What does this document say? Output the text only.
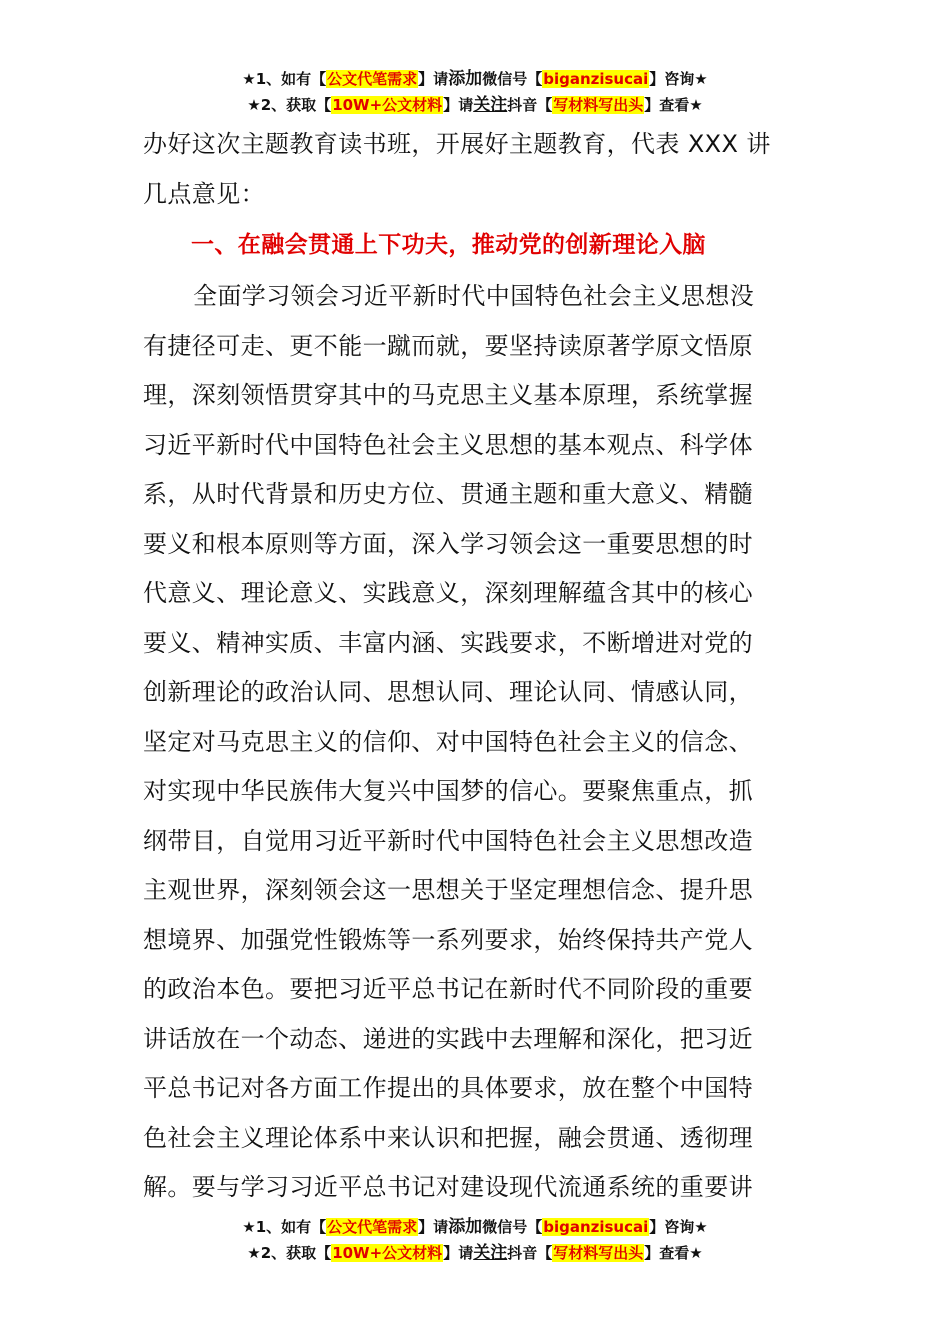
★1、如有【公文代笔需求】请添加微信号【biganzisucai】咨询★
★2、获取【10W+公文材料】请关注抖音【写材料写出头】查看★
办好这次主题教育读书班，开展好主题教育，代表 XXX 讲
几点意见：
一、在融会贯通上下功夫，推动党的创新理论入脑
全面学习领会习近平新时代中国特色社会主义思想没
有捷径可走、更不能一蹴而就，要坚持读原著学原文悟原
理，深刻领悟贯穿其中的马克思主义基本原理，系统掌握
习近平新时代中国特色社会主义思想的基本观点、科学体
系，从时代背景和历史方位、贯通主题和重大意义、精髓
要义和根本原则等方面，深入学习领会这一重要思想的时
代意义、理论意义、实践意义，深刻理解蕴含其中的核心
要义、精神实质、丰富内涵、实践要求，不断增进对党的
创新理论的政治认同、思想认同、理论认同、情感认同，
坚定对马克思主义的信仰、对中国特色社会主义的信念、
对实现中华民族伟大复兴中国梦的信心。要聚焦重点，抓
纲带目，自觉用习近平新时代中国特色社会主义思想改造
主观世界，深刻领会这一思想关于坚定理想信念、提升思
想境界、加强党性锻炼等一系列要求，始终保持共产党人
的政治本色。要把习近平总书记在新时代不同阶段的重要
讲话放在一个动态、递进的实践中去理解和深化，把习近
平总书记对各方面工作提出的具体要求，放在整个中国特
色社会主义理论体系中来认识和把握，融会贯通、透彻理
解。要与学习习近平总书记对建设现代流通系统的重要讲
★1、如有【公文代笔需求】请添加微信号【biganzisucai】咨询★
★2、获取【10W+公文材料】请关注抖音【写材料写出头】查看★
